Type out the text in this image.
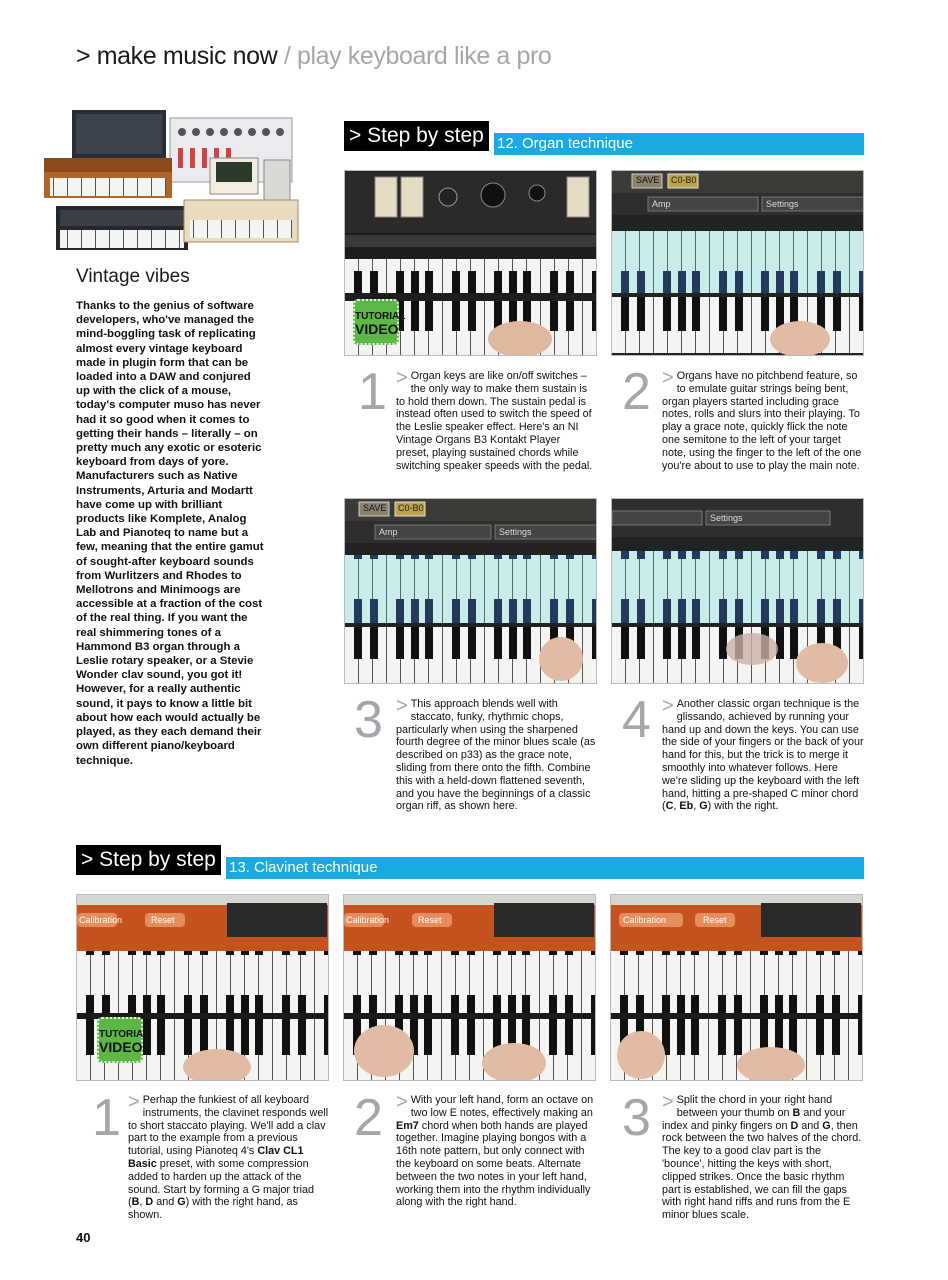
> make music now / play keyboard like a pro
Vintage vibes
Thanks to the genius of software developers, who've managed the mind-boggling task of replicating almost every vintage keyboard made in plugin form that can be loaded into a DAW and conjured up with the click of a mouse, today's computer muso has never had it so good when it comes to getting their hands – literally – on pretty much any exotic or esoteric keyboard from days of yore. Manufacturers such as Native Instruments, Arturia and Modartt have come up with brilliant products like Komplete, Analog Lab and Pianoteq to name but a few, meaning that the entire gamut of sought-after keyboard sounds from Wurlitzers and Rhodes to Mellotrons and Minimoogs are accessible at a fraction of the cost of the real thing. If you want the real shimmering tones of a Hammond B3 organ through a Leslie rotary speaker, or a Stevie Wonder clav sound, you got it! However, for a really authentic sound, it pays to know a little bit about how each would actually be played, as they each demand their own different piano/keyboard technique.
12. Organ technique
> Step by step
TUTORIAL
VIDEO
SAVE C0-B0
Amp	Settings
1 > Organ keys are like on/off switches – the only way to make them sustain is to hold them down. The sustain pedal is instead often used to switch the speed of the Leslie speaker effect. Here's an NI Vintage Organs B3 Kontakt Player preset, playing sustained chords while switching speaker speeds with the pedal.
2 > Organs have no pitchbend feature, so to emulate guitar strings being bent, organ players started including grace notes, rolls and slurs into their playing. To play a grace note, quickly flick the note one semitone to the left of your target note, using the finger to the left of the one you're about to use to play the main note.
SAVE C0-B0
Amp	Settings
Settings
3 > This approach blends well with staccato, funky, rhythmic chops, particularly when using the sharpened fourth degree of the minor blues scale (as described on p33) as the grace note, sliding from there onto the fifth. Combine this with a held-down flattened seventh, and you have the beginnings of a classic organ riff, as shown here.
4 > Another classic organ technique is the glissando, achieved by running your hand up and down the keys. You can use the side of your fingers or the back of your hand for this, but the trick is to merge it smoothly into whatever follows. Here we're sliding up the keyboard with the left hand, hitting a pre-shaped C minor chord (C, Eb, G) with the right.
13. Clavinet technique
> Step by step
Calibration	Reset
TUTORIAL
VIDEO
Calibration	Reset	Calibration	Reset
1 > Perhap the funkiest of all keyboard instruments, the clavinet responds well to short staccato playing. We'll add a clav part to the example from a previous tutorial, using Pianoteq 4's Clav CL1 Basic preset, with some compression added to harden up the attack of the sound. Start by forming a G major triad (B, D and G) with the right hand, as shown.
2 > With your left hand, form an octave on two low E notes, effectively making an Em7 chord when both hands are played together. Imagine playing bongos with a 16th note pattern, but only connect with the keyboard on some beats. Alternate between the two notes in your left hand, working them into the rhythm individually along with the right hand.
3 > Split the chord in your right hand between your thumb on B and your index and pinky fingers on D and G, then rock between the two halves of the chord. The key to a good clav part is the 'bounce', hitting the keys with short, clipped strikes. Once the basic rhythm part is established, we can fill the gaps with right hand riffs and runs from the E minor blues scale.
40
